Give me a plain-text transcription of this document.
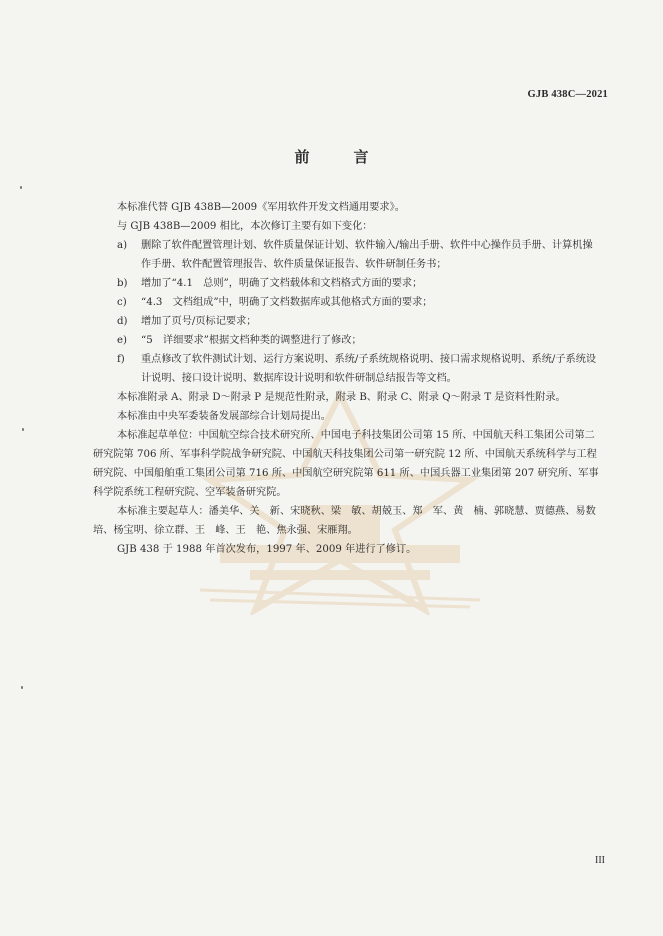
GJB 438C—2021
前言

本标准代替 GJB 438B—2009《军用软件开发文档通用要求》。

与 GJB 438B—2009 相比，本次修订主要有如下变化：

a) 删除了软件配置管理计划、软件质量保证计划、软件输入/输出手册、软件中心操作员手册、计算机操作手册、软件配置管理报告、软件质量保证报告、软件研制任务书；
b) 增加了“4.1　总则”，明确了文档载体和文档格式方面的要求；
c) “4.3　文档组成”中，明确了文档数据库或其他格式方面的要求；
d) 增加了页号/页标记要求；
e) “5　详细要求”根据文档种类的调整进行了修改；
f) 重点修改了软件测试计划、运行方案说明、系统/子系统规格说明、接口需求规格说明、系统/子系统设计说明、接口设计说明、数据库设计说明和软件研制总结报告等文档。

本标准附录 A、附录 D～附录 P 是规范性附录，附录 B、附录 C、附录 Q～附录 T 是资料性附录。

本标准由中央军委装备发展部综合计划局提出。

本标准起草单位：中国航空综合技术研究所、中国电子科技集团公司第 15 所、中国航天科工集团公司第二研究院第 706 所、军事科学院战争研究院、中国航天科技集团公司第一研究院 12 所、中国航天系统科学与工程研究院、中国船舶重工集团公司第 716 所、中国航空研究院第 611 所、中国兵器工业集团第 207 研究所、军事科学院系统工程研究院、空军装备研究院。

本标准主要起草人：潘美华、关　新、宋晓秋、梁　敏、胡兢玉、郑　军、黄　楠、郭晓慧、贾德燕、易数培、杨宝明、徐立群、王　峰、王　艳、焦永强、宋雁翔。

GJB 438 于 1988 年首次发布，1997 年、2009 年进行了修订。

III
